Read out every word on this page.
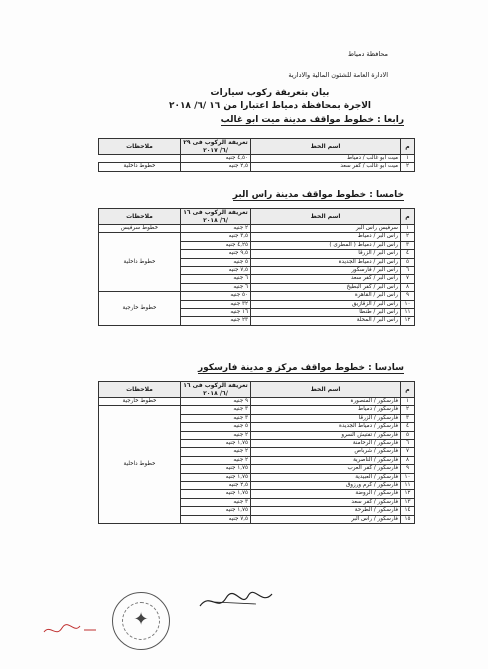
محافظة دمياط
الادارة العامة للشئون المالية والادارية
بيان بتعريفة ركوب سيارات
الاجرة بمحافظة دمياط اعتبارا من ١٦ /٦/ ٢٠١٨
رابعا : خطوط مواقف مدينة ميت ابو غالب
م	اسم الخط	تعريفة الركوب فى ٢٩ /٦/ ٢٠١٧	ملاحظات
١	ميت ابو غالب / دمياط	٤,٥٠ جنيه	
٢	ميت ابو غالب / كفر سعد	٢,٥ جنيه	خطوط داخلية
خامسا : خطوط مواقف مدينة راس البر
م	اسم الخط	تعريفة الركوب فى ١٦ /٦/ ٢٠١٨	ملاحظات
١	سرفيس راس البر	٢ جنيه	خطوط سرفيس
٢	راس البر / دمياط	٣,٥ جنيه	خطوط داخلية
٣	راس البر / دمياط ( المطرى )	٤,٢٥ جنيه	
٤	راس البر / الزرقا	٩,٥ جنيه	
٥	راس البر / دمياط الجديدة	٥ جنيه	
٦	راس البر / فارسكور	٧,٥ جنيه	
٧	راس البر / كفر سعد	٦ جنيه	
٨	راس البر / كفر البطيخ	٦ جنيه	
٩	راس البر / القاهرة	٥٠ جنيه	خطوط خارجية
١٠	راس البر / الزقازيق	٣٢ جنيه	
١١	راس البر / طنطا	١٦ جنيه	
١٢	راس البر / المحلة	٢٣ جنيه	
سادسا : خطوط مواقف مركز و مدينة فارسكور
م	اسم الخط	تعريفة الركوب فى ١٦ /٦/ ٢٠١٨	ملاحظات
١	فارسكور / المنصورة	٩ جنيه	خطوط خارجية
٢	فارسكور / دمياط	٣ جنيه	خطوط داخلية
٣	فارسكور / الزرقا	٣ جنيه	
٤	فارسكور / دمياط الجديدة	٥ جنيه	
٥	فارسكور / تفتيش السرو	٢ جنيه	
٦	فارسكور / الرحامنة	١,٧٥ جنيه	
٧	فارسكور / شرباص	٢ جنيه	
٨	فارسكور / الناصرية	٢ جنيه	
٩	فارسكور / كفر العرب	١,٧٥ جنيه	
١٠	فارسكور / العبيدية	١,٧٥ جنيه	
١١	فارسكور / كرم ورزوق	٢,٥ جنيه	
١٢	فارسكور / الروضة	١,٧٥ جنيه	
١٣	فارسكور / كفر سعد	٣ جنيه	
١٤	فارسكور / الطرحة	١,٧٥ جنيه	
١٥	فارسكور / راس البر	٧,٥ جنيه	
✦
